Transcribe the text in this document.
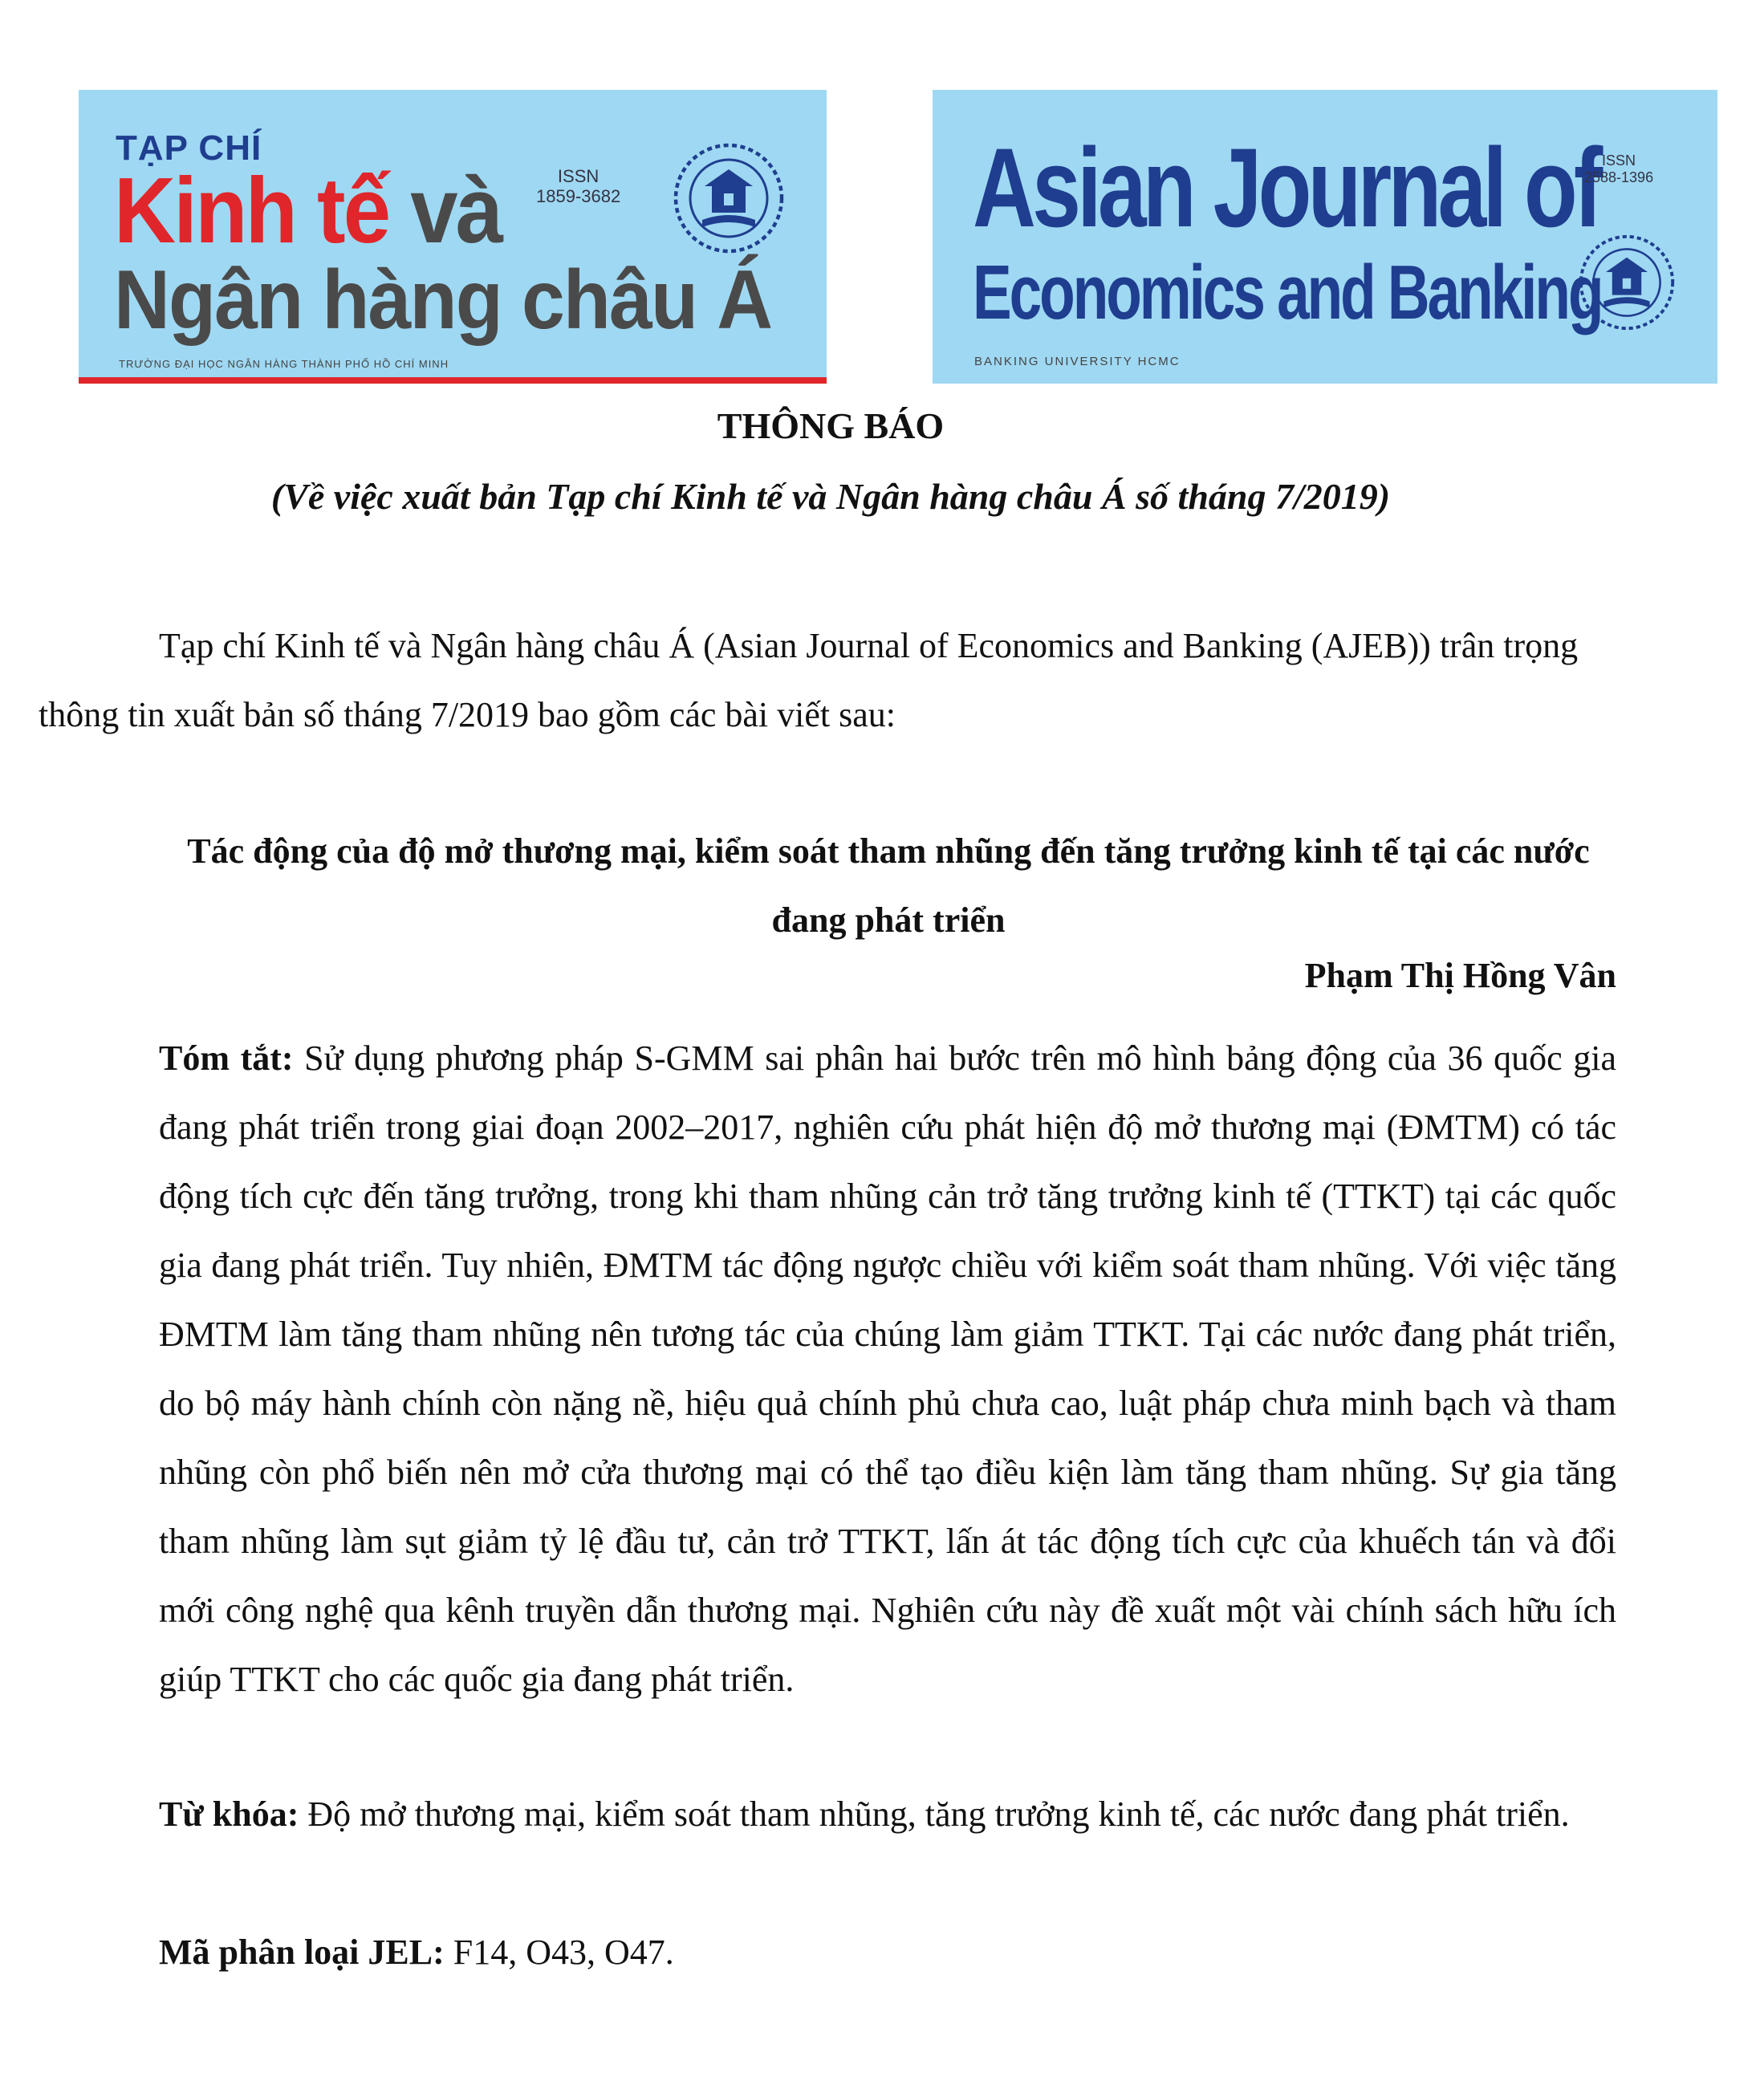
TẠP CHÍ
Kinh tế và
Ngân hàng châu Á
ISSN
1859-3682
TRƯỜNG ĐẠI HỌC NGÂN HÀNG THÀNH PHỐ HỒ CHÍ MINH
Asian Journal of
Economics and Banking
ISSN
2588-1396
BANKING UNIVERSITY HCMC
THÔNG BÁO
(Về việc xuất bản Tạp chí Kinh tế và Ngân hàng châu Á số tháng 7/2019)
Tạp chí Kinh tế và Ngân hàng châu Á (Asian Journal of Economics and Banking (AJEB)) trân trọng thông tin xuất bản số tháng 7/2019 bao gồm các bài viết sau:
Tác động của độ mở thương mại, kiểm soát tham nhũng đến tăng trưởng kinh tế tại các nước đang phát triển
Phạm Thị Hồng Vân
Tóm tắt: Sử dụng phương pháp S-GMM sai phân hai bước trên mô hình bảng động của 36 quốc gia đang phát triển trong giai đoạn 2002–2017, nghiên cứu phát hiện độ mở thương mại (ĐMTM) có tác động tích cực đến tăng trưởng, trong khi tham nhũng cản trở tăng trưởng kinh tế (TTKT) tại các quốc gia đang phát triển. Tuy nhiên, ĐMTM tác động ngược chiều với kiểm soát tham nhũng. Với việc tăng ĐMTM làm tăng tham nhũng nên tương tác của chúng làm giảm TTKT. Tại các nước đang phát triển, do bộ máy hành chính còn nặng nề, hiệu quả chính phủ chưa cao, luật pháp chưa minh bạch và tham nhũng còn phổ biến nên mở cửa thương mại có thể tạo điều kiện làm tăng tham nhũng. Sự gia tăng tham nhũng làm sụt giảm tỷ lệ đầu tư, cản trở TTKT, lấn át tác động tích cực của khuếch tán và đổi mới công nghệ qua kênh truyền dẫn thương mại. Nghiên cứu này đề xuất một vài chính sách hữu ích giúp TTKT cho các quốc gia đang phát triển.
Từ khóa: Độ mở thương mại, kiểm soát tham nhũng, tăng trưởng kinh tế, các nước đang phát triển.
Mã phân loại JEL: F14, O43, O47.
